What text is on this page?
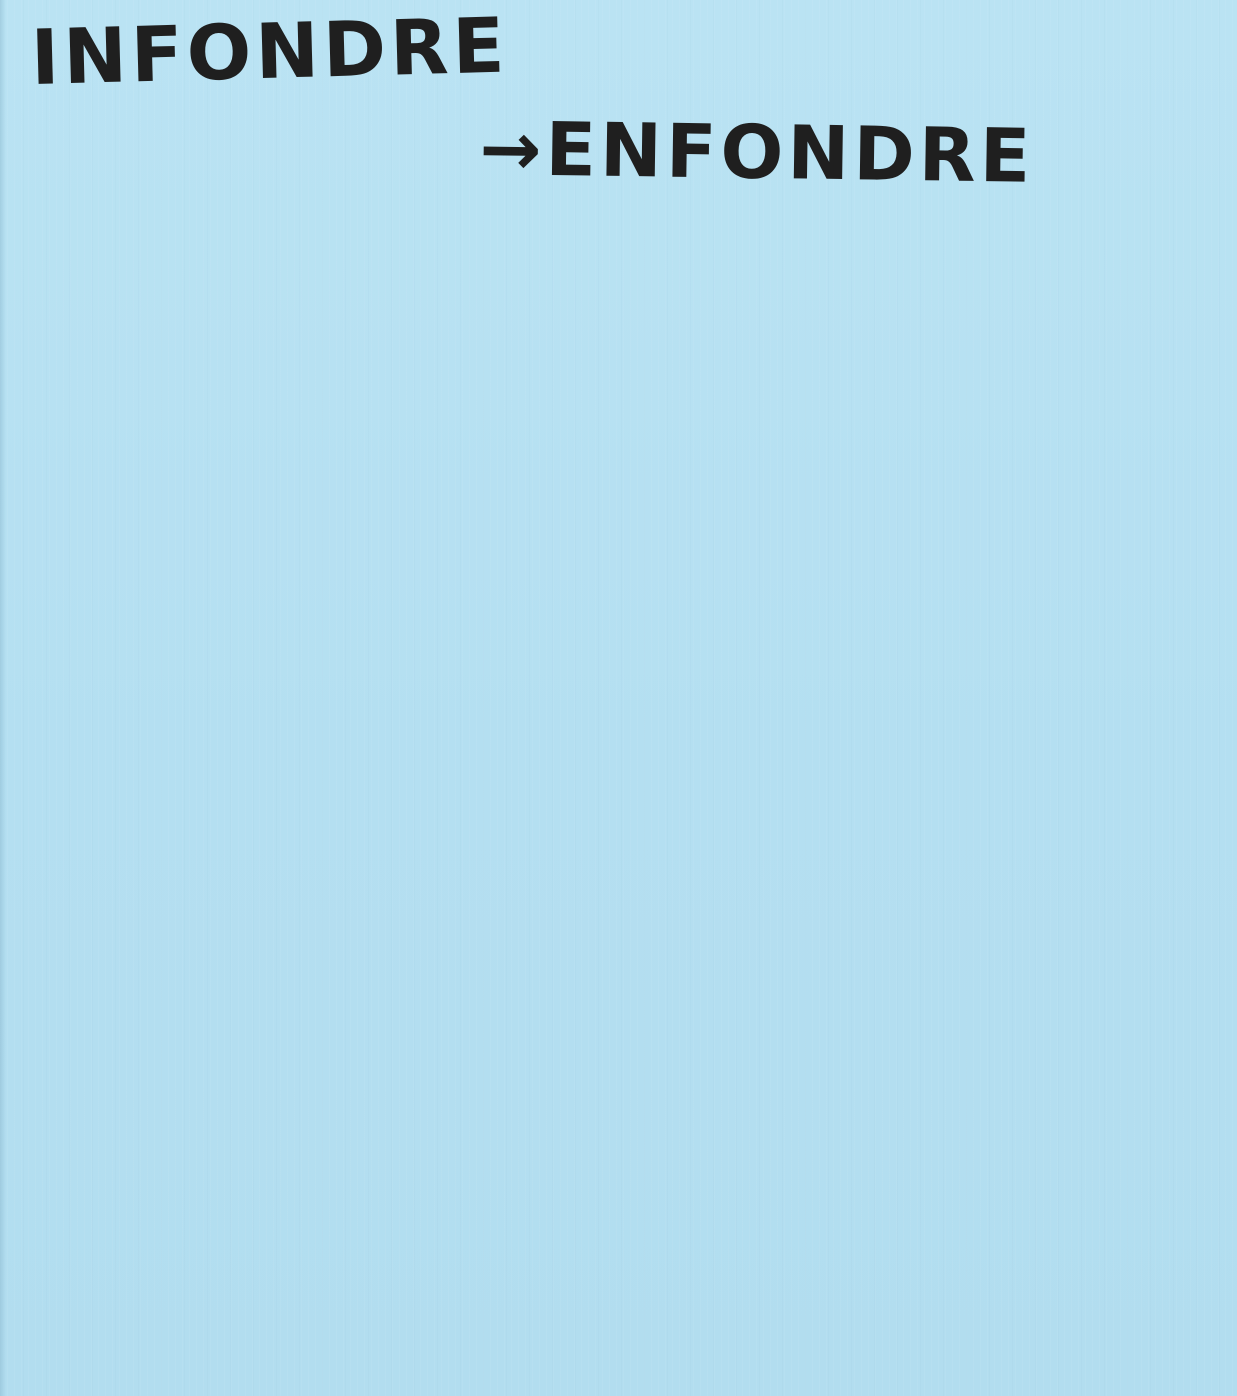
INFONDRE

→ENFONDRE
